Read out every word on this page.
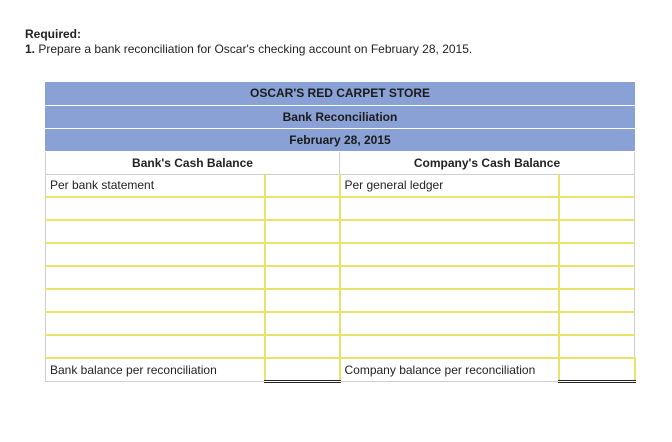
Required:
1. Prepare a bank reconciliation for Oscar's checking account on February 28, 2015.
OSCAR'S RED CARPET STORE			
Bank Reconciliation			
February 28, 2015			
Bank's Cash Balance		Company's Cash Balance	
Per bank statement		Per general ledger	

Bank balance per reconciliation		Company balance per reconciliation	
